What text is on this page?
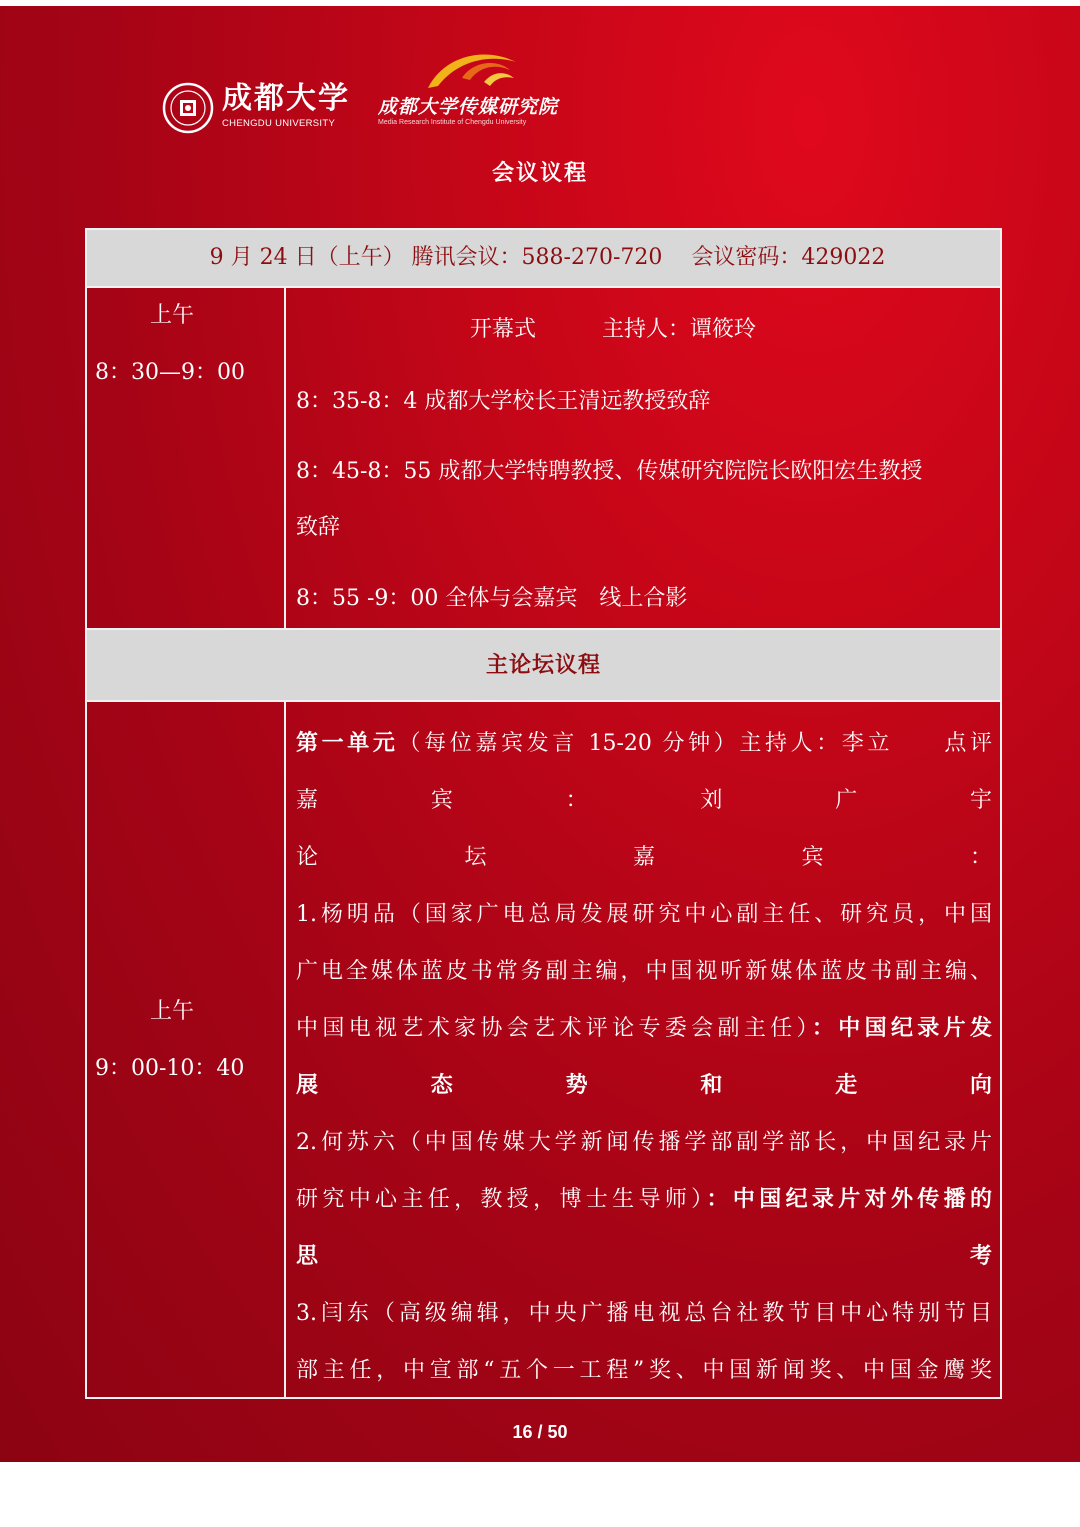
成都大学
CHENGDU UNIVERSITY
成都大学传媒研究院
Media Research Institute of Chengdu University
会议议程
9 月 24 日（上午） 腾讯会议：588-270-720　 会议密码：429022
上午
8：30—9：00
开幕式　　　主持人：谭筱玲
8：35-8：4 成都大学校长王清远教授致辞
8：45-8：55 成都大学特聘教授、传媒研究院院长欧阳宏生教授
致辞
8：55 -9：00 全体与会嘉宾　线上合影
主论坛议程
上午
9：00-10：40
第一单元（每位嘉宾发言 15-20 分钟）主持人：李立　　点评
嘉宾：刘广宇
论坛嘉宾：
1.杨明品（国家广电总局发展研究中心副主任、研究员，中国
广电全媒体蓝皮书常务副主编，中国视听新媒体蓝皮书副主编、
中国电视艺术家协会艺术评论专委会副主任）：中国纪录片发
展态势和走向
2.何苏六（中国传媒大学新闻传播学部副学部长，中国纪录片
研究中心主任，教授，博士生导师）：中国纪录片对外传播的
思考
3.闫东（高级编辑，中央广播电视总台社教节目中心特别节目
部主任，中宣部“五个一工程”奖、中国新闻奖、中国金鹰奖
16 / 50
